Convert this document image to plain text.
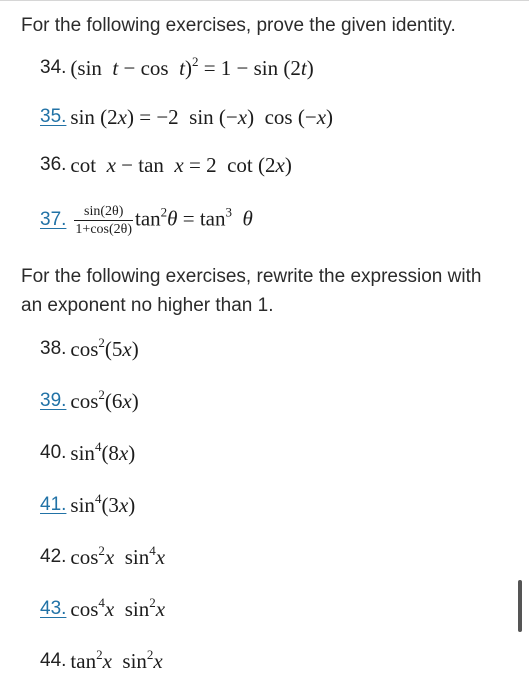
For the following exercises, prove the given identity.
34. (sin  t − cos  t)$^2$ = 1 − sin (2t)
35. sin (2x) = −2  sin (−x)  cos (−x)
36. cot  x − tan  x = 2  cot (2x)
37. $\frac{\sin(2\theta)}{1+\cos(2\theta)} \tan^2\theta = \tan^3 \theta$
For the following exercises, rewrite the expression with an exponent no higher than 1.
38. $\cos^2(5x)$
39. $\cos^2(6x)$
40. $\sin^4(8x)$
41. $\sin^4(3x)$
42. $\cos^2x$  $\sin^4x$
43. $\cos^4x$  $\sin^2x$
44. $\tan^2x$  $\sin^2x$
